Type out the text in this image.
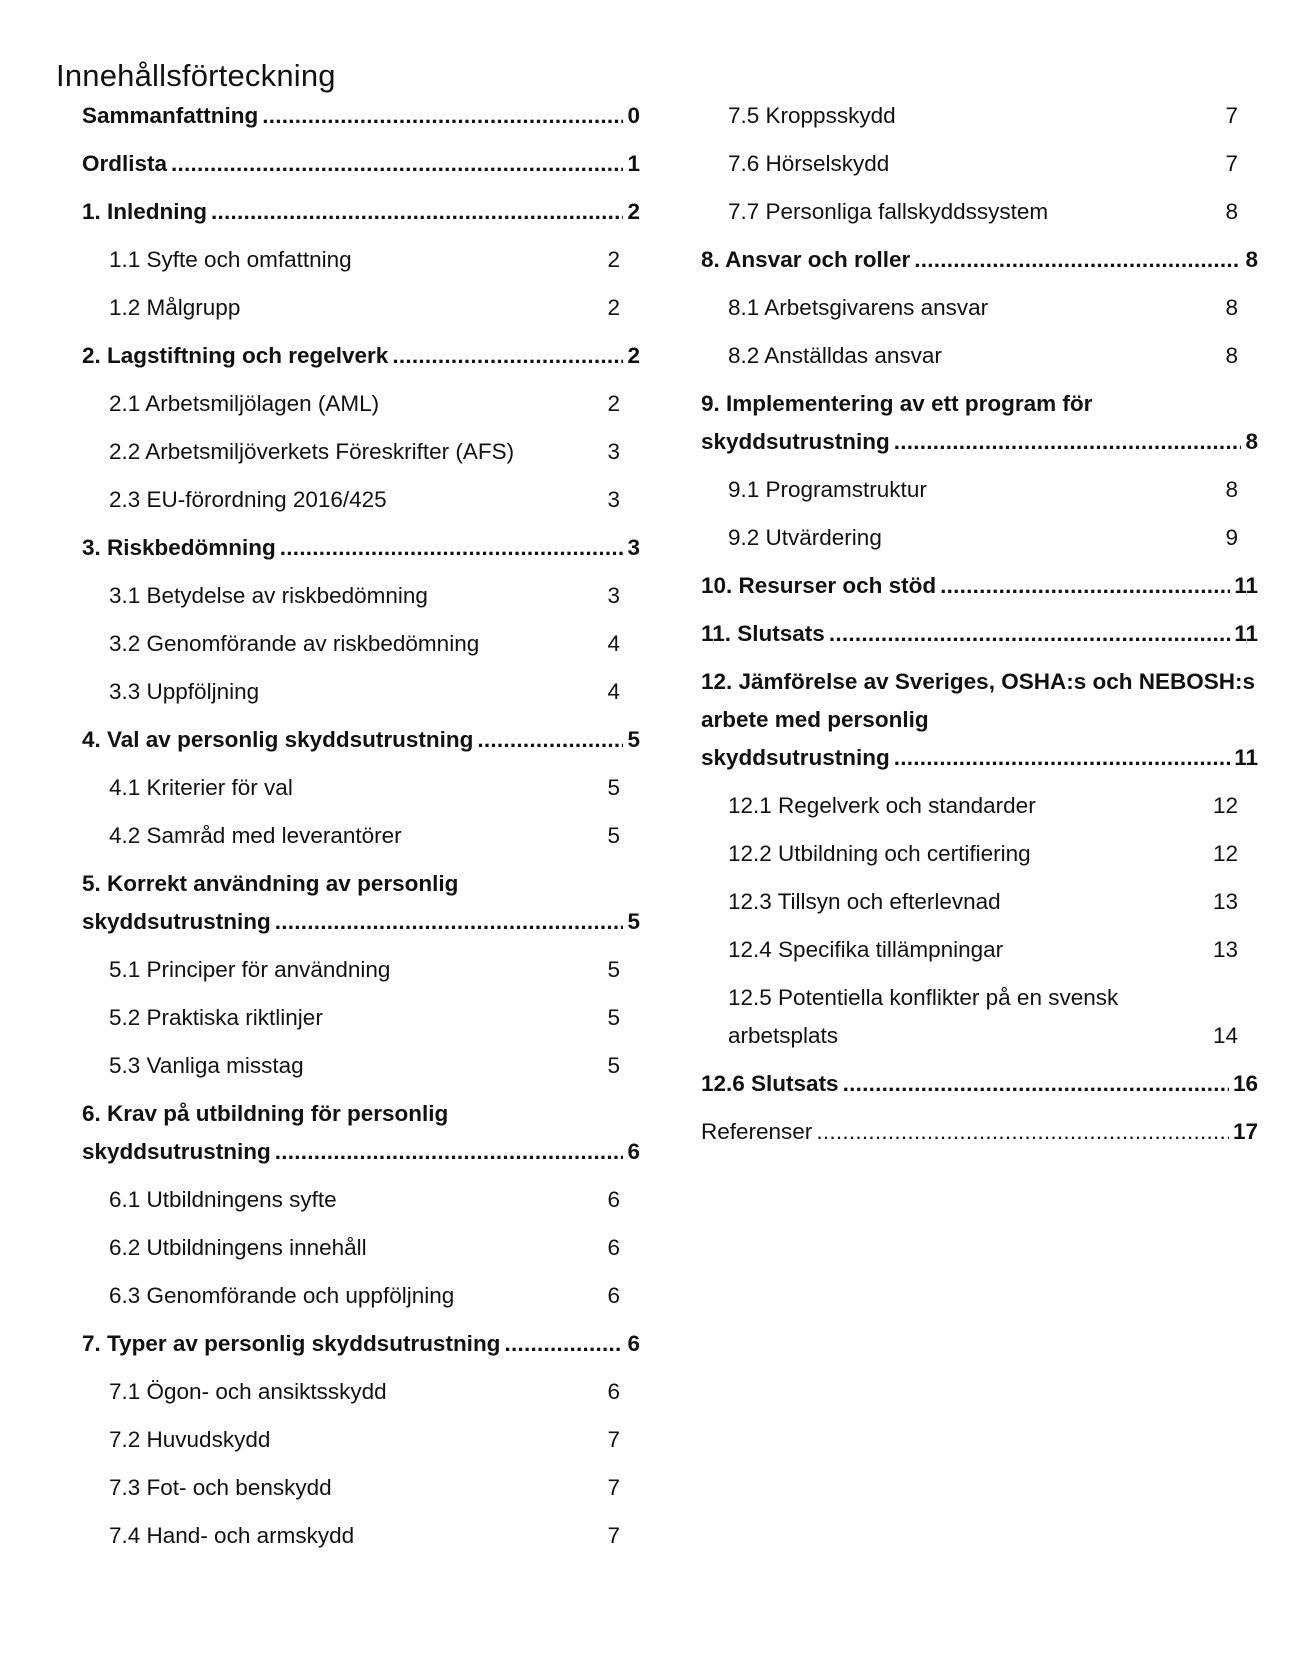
Innehållsförteckning
Sammanfattning . . .	0
Ordlista . . .	1
1. Inledning . . .	2
1.1 Syfte och omfattning	2
1.2 Målgrupp	2
2. Lagstiftning och regelverk . . .	2
2.1 Arbetsmiljölagen (AML)	2
2.2 Arbetsmiljöverkets Föreskrifter (AFS)	3
2.3 EU-förordning 2016/425	3
3. Riskbedömning . . .	3
3.1 Betydelse av riskbedömning	3
3.2 Genomförande av riskbedömning	4
3.3 Uppföljning	4
4. Val av personlig skyddsutrustning . . .	5
4.1 Kriterier för val	5
4.2 Samråd med leverantörer	5
5. Korrekt användning av personlig
skyddsutrustning . . .	5
5.1 Principer för användning	5
5.2 Praktiska riktlinjer	5
5.3 Vanliga misstag	5
6. Krav på utbildning för personlig
skyddsutrustning . . .	6
6.1 Utbildningens syfte	6
6.2 Utbildningens innehåll	6
6.3 Genomförande och uppföljning	6
7. Typer av personlig skyddsutrustning . . .	6
7.1 Ögon- och ansiktsskydd	6
7.2 Huvudskydd	7
7.3 Fot- och benskydd	7
7.4 Hand- och armskydd	7
7.5 Kroppsskydd	7
7.6 Hörselskydd	7
7.7 Personliga fallskyddssystem	8
8. Ansvar och roller . . .	8
8.1 Arbetsgivarens ansvar	8
8.2 Anställdas ansvar	8
9. Implementering av ett program för
skyddsutrustning . . .	8
9.1 Programstruktur	8
9.2 Utvärdering	9
10. Resurser och stöd . . .	11
11. Slutsats . . .	11
12. Jämförelse av Sveriges, OSHA:s och NEBOSH:s arbete med personlig
skyddsutrustning . . .	11
12.1 Regelverk och standarder	12
12.2 Utbildning och certifiering	12
12.3 Tillsyn och efterlevnad	13
12.4 Specifika tillämpningar	13
12.5 Potentiella konflikter på en svensk arbetsplats	14
12.6 Slutsats . . .	16
Referenser . . .	17
